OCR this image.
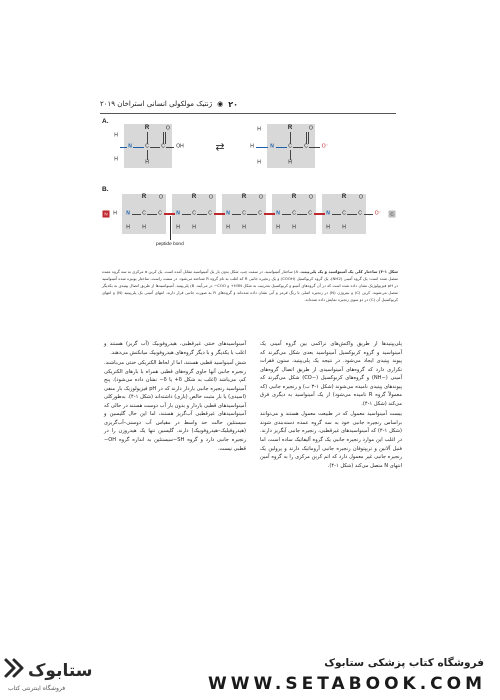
۲۰
◉
ژنتیک مولکولی انسانی استراخان ۲۰۱۹
A.
R	O
H
N	C C OH
H	H
⇄
R	O
H
H	N	C C	O⁻
H	H
B.
N	H
R	R	R	R	R
O	O	O	O	O
N C C	N C C	N C C	N C C	N C C	O⁻	C
H H	H H	H H	H H	H H
peptide bond
شکل ۱-۳) ساختار کلی یک آمینواسید و یک پلی‌پپتید. A) ساختار آمینواسید. در سمت چپ، شکل بدون بار یک آمینواسید مقابل آمده است. یک کربن α مرکزی به سه گروه عمده متصل شده است: یک گروه آمینی (NH2)، یک گروه کربوکسیل (COOH) و یک زنجیره جانبی R که اغلب به نام گروه R شناخته می‌شود. در سمت راست، ساختار یونیزه شده آمینواسید در pH فیزیولوژیک نشان داده شده است که در آن گروه‌های آمینو و کربوکسیل به‌ترتیب به شکل H3N+ و COO− در می‌آیند. B) پلی‌پپتید. آمینواسیدها از طریق اتصال پپتیدی به یکدیگر متصل می‌شوند. کربن (C) و نیتروژن (N) در زنجیره اصلی با رنگ قرمز و آبی نشان داده شده‌اند و گروه‌های R به صورت جانبی قرار دارند. انتهای آمینی یک پلی‌پپتید (N) و انتهای کربوکسیل آن (C) در دو سوی زنجیره نمایش داده شده‌اند.

پلی‌پپتیدها از طریق واکنش‌های تراکمی بین گروه آمینی یک آمینواسید و گروه کربوکسیل آمینواسید بعدی شکل می‌گیرند که پیوند پپتیدی ایجاد می‌شود. در نتیجه یک پلی‌پپتید، ستون فقرات تکراری دارد که گروه‌های آمینواسیدی از طریق اتصال گروه‌های آمینی (−NH) و گروه‌های کربوکسیل (−CO) شکل می‌گیرند که پیوندهای پپتیدی نامیده می‌شوند (شکل ۱-۳ ب) و زنجیره جانبی (که معمولاً گروه R نامیده می‌شود) از یک آمینواسید به دیگری فرق می‌کند (شکل ۱-۴).

بیست آمینواسید معمول که در طبیعت معمول هستند و می‌توانند براساس زنجیره جانبی خود به سه گروه عمده دسته‌بندی شوند (شکل ۱-۴) که آمینواسیدهای غیرقطبی، زنجیره جانبی آبگریز دارند. در اغلب این موارد زنجیره جانبی یک گروه آلیفاتیک ساده است، اما فنیل آلانین و تریپتوفان زنجیره جانبی آروماتیک دارند و پرولین یک زنجیره جانبی غیر معمول دارد که اتم کربن مرکزی را به گروه آمین انتهای N متصل می‌کند (شکل ۱-۴).

آمینواسیدهای خنثی غیرقطبی، هیدروفوبیک (آب گریز) هستند و اغلب با یکدیگر و با دیگر گروه‌های هیدروفوبیک میانکنش می‌دهند.

شش آمینواسید قطبی هستند، اما از لحاظ الکتریکی خنثی می‌باشند. زنجیره جانبی آنها حاوی گروه‌های قطبی همراه با بارهای الکتریکی کم، می‌باشد (اغلب به شکل δ+ یا δ− نشان داده می‌شود). پنج آمینواسید زنجیره جانبی باردار دارند که در pH فیزیولوژیک بار منفی (اسیدی) یا بار مثبت خالص (بازی) داشته‌اند (شکل ۱-۴). به‌طورکلی آمینواسیدهای قطبی باردار و بدون بار آب دوست هستند در حالی که آمینواسیدهای غیرقطبی آب‌گریز هستند، اما این حال گلیسین و سیستئین حالت حد واسط در مقیاس آب دوستی–آب‌گریزی (هیدروفیلیک–هیدروفوبیک) دارند. گلیسین تنها یک هیدروژن را در زنجیره جانبی دارد و گروه SH−سیستئین به اندازه گروه OH− قطبی نیست.

ستابوک
فروشگاه اینترنتی کتاب
فروشگاه کتاب پزشکی ستابوک
WWW.SETABOOK.COM
